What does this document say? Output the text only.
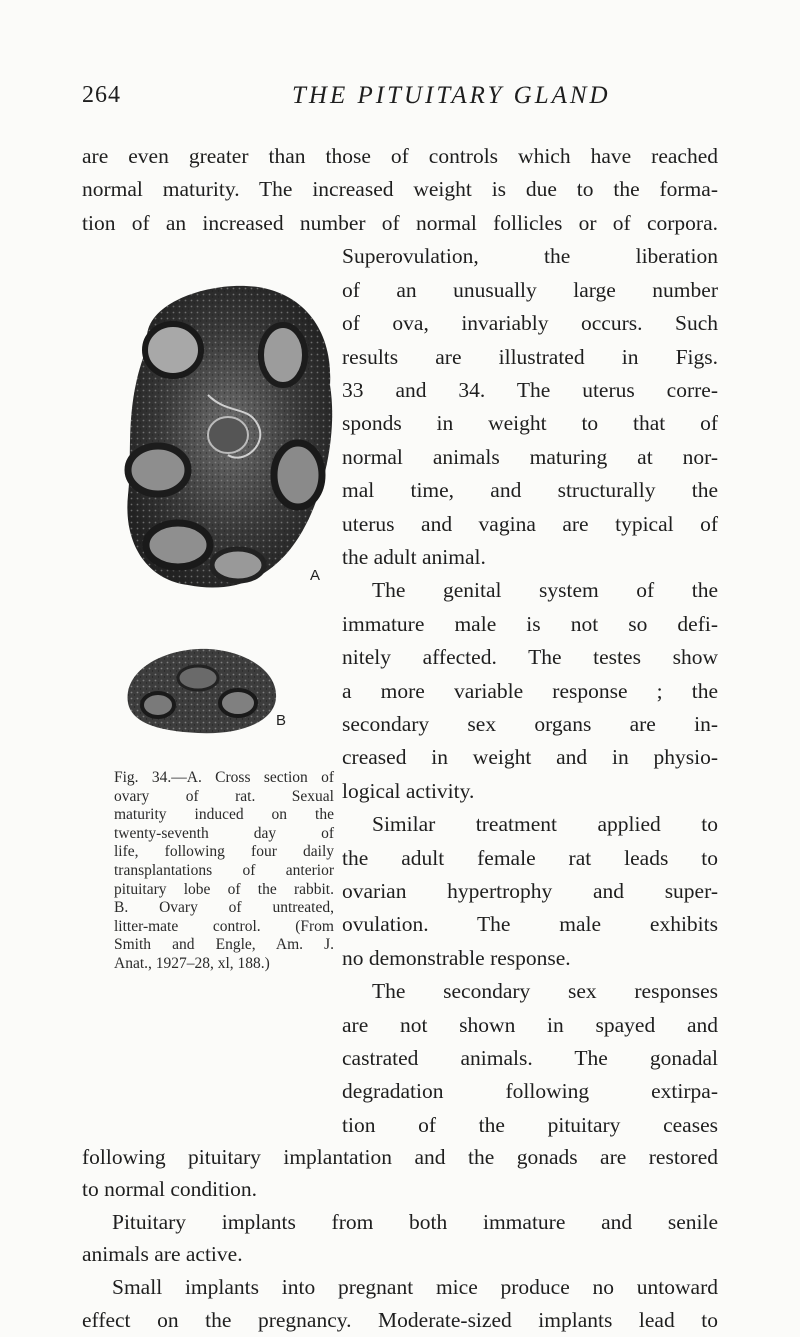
264	THE PITUITARY GLAND
are even greater than those of controls which have reached
normal maturity. The increased weight is due to the forma-
tion of an increased number of normal follicles or of corpora.
Superovulation, the liberation
of an unusually large number
of ova, invariably occurs. Such
results are illustrated in Figs.
33 and 34. The uterus corre-
sponds in weight to that of
normal animals maturing at nor-
mal time, and structurally the
uterus and vagina are typical of
the adult animal.
The genital system of the
immature male is not so defi-
nitely affected. The testes show
a more variable response ; the
secondary sex organs are in-
creased in weight and in physio-
logical activity.
Similar treatment applied to
the adult female rat leads to
ovarian hypertrophy and super-
ovulation. The male exhibits
no demonstrable response.
The secondary sex responses
are not shown in spayed and
castrated animals. The gonadal
degradation following extirpa-
tion of the pituitary ceases
following pituitary implantation and the gonads are restored
to normal condition.
Pituitary implants from both immature and senile
animals are active.
Small implants into pregnant mice produce no untoward
effect on the pregnancy. Moderate-sized implants lead to
A
B
Fig. 34.—A. Cross section of
ovary of rat. Sexual
maturity induced on the
twenty-seventh day of
life, following four daily
transplantations of anterior
pituitary lobe of the rabbit.
B. Ovary of untreated,
litter-mate control. (From
Smith and Engle, Am. J.
Anat., 1927–28, xl, 188.)
